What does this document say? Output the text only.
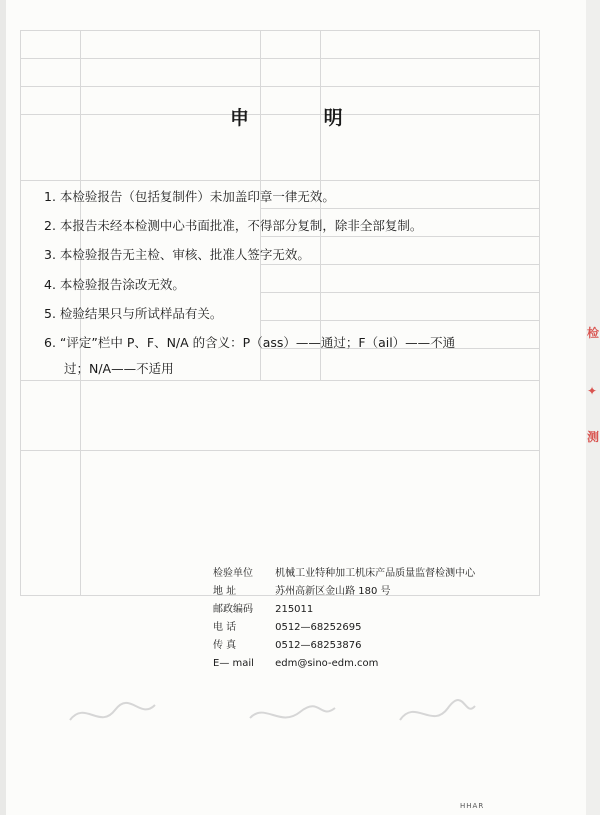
申 明
1. 本检验报告（包括复制件）未加盖印章一律无效。
2. 本报告未经本检测中心书面批准，不得部分复制，除非全部复制。
3. 本检验报告无主检、审核、批准人签字无效。
4. 本检验报告涂改无效。
5. 检验结果只与所试样品有关。
6. “评定”栏中 P、F、N/A 的含义：P（ass）——通过；F（ail）——不通
过；N/A——不适用
检验单位 机械工业特种加工机床产品质量监督检测中心
地 址	苏州高新区金山路 180 号
邮政编码 215011
电 话	0512—68252695
传 真	0512—68253876
E— mail edm@sino-edm.com
检
✦
测
HHAR
